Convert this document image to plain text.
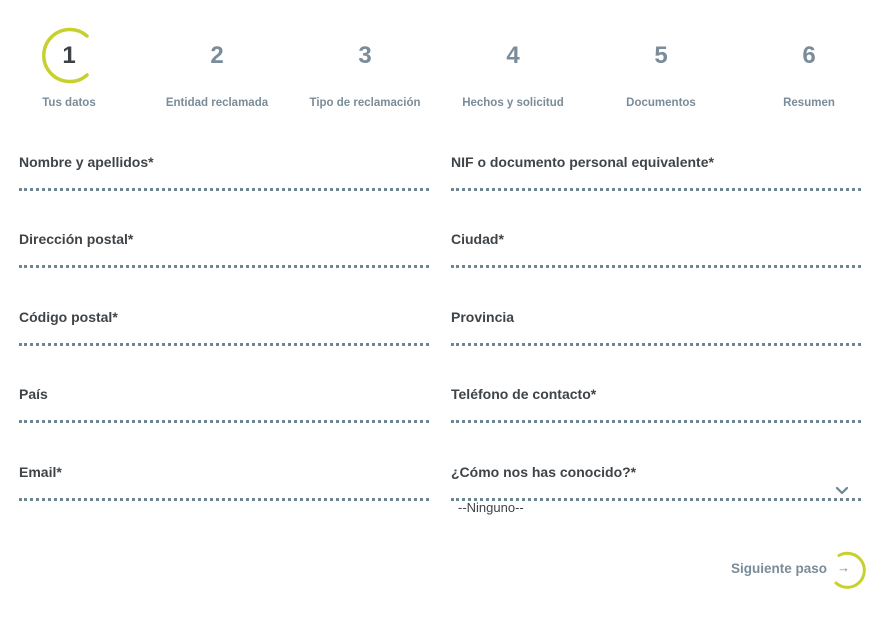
1
Tus datos
2
Entidad reclamada
3
Tipo de reclamación
4
Hechos y solicitud
5
Documentos
6
Resumen
Nombre y apellidos*	NIF o documento personal equivalente*
Dirección postal*	Ciudad*
Código postal*	Provincia
País	Teléfono de contacto*
Email*	¿Cómo nos has conocido?*
--Ninguno--
Siguiente paso →
